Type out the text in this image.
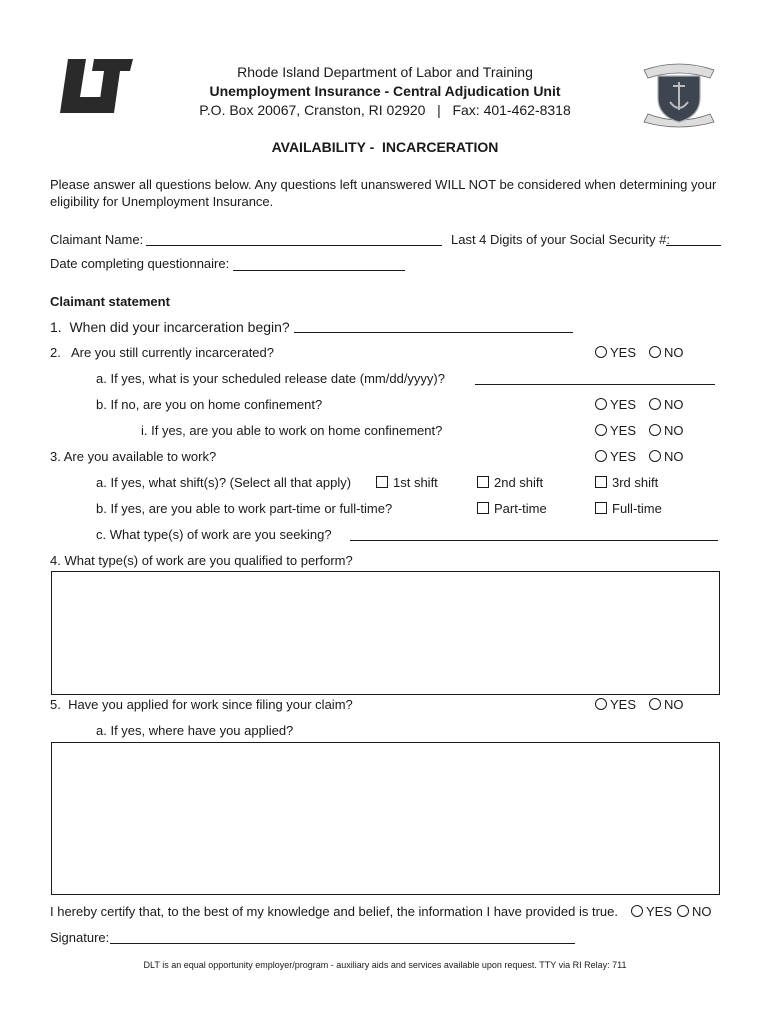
Rhode Island Department of Labor and Training
Unemployment Insurance - Central Adjudication Unit
P.O. Box 20067, Cranston, RI 02920   |   Fax: 401-462-8318
AVAILABILITY -  INCARCERATION
Please answer all questions below. Any questions left unanswered WILL NOT be considered when determining your eligibility for Unemployment Insurance.
Claimant Name:	Last 4 Digits of your Social Security #:
Date completing questionnaire:
Claimant statement
1.  When did your incarceration begin?
2.   Are you still currently incarcerated?	YES	NO
a. If yes, what is your scheduled release date (mm/dd/yyyy)?
b. If no, are you on home confinement?	YES	NO
i. If yes, are you able to work on home confinement?	YES	NO
3. Are you available to work?	YES	NO
a. If yes, what shift(s)? (Select all that apply)	1st shift	2nd shift	3rd shift
b. If yes, are you able to work part-time or full-time?	Part-time	Full-time
c. What type(s) of work are you seeking?
4. What type(s) of work are you qualified to perform?
5.  Have you applied for work since filing your claim?	YES	NO
a. If yes, where have you applied?
I hereby certify that, to the best of my knowledge and belief, the information I have provided is true.	YES	NO
Signature:
DLT is an equal opportunity employer/program - auxiliary aids and services available upon request. TTY via RI Relay: 711
